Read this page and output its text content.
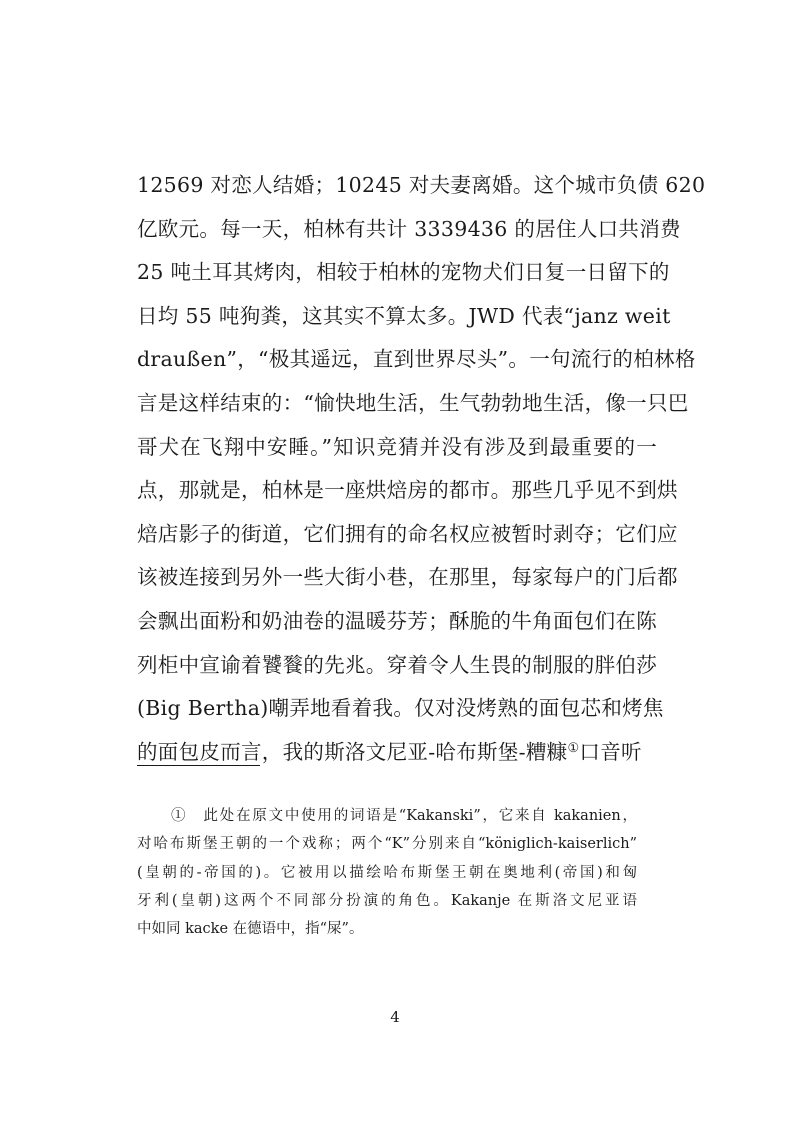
12569 对恋人结婚；10245 对夫妻离婚。这个城市负债 620
亿欧元。每一天，柏林有共计 3339436 的居住人口共消费
25 吨土耳其烤肉，相较于柏林的宠物犬们日复一日留下的
日均 55 吨狗粪，这其实不算太多。JWD 代表“janz weit
draußen”，“极其遥远，直到世界尽头”。一句流行的柏林格
言是这样结束的：“愉快地生活，生气勃勃地生活，像一只巴
哥犬在飞翔中安睡。”知识竞猜并没有涉及到最重要的一
点，那就是，柏林是一座烘焙房的都市。那些几乎见不到烘
焙店影子的街道，它们拥有的命名权应被暂时剥夺；它们应
该被连接到另外一些大街小巷，在那里，每家每户的门后都
会飘出面粉和奶油卷的温暖芬芳；酥脆的牛角面包们在陈
列柜中宣谕着饕餮的先兆。穿着令人生畏的制服的胖伯莎
(Big Bertha)嘲弄地看着我。仅对没烤熟的面包芯和烤焦
的面包皮而言，我的斯洛文尼亚-哈布斯堡-糟糠①口音听
①　此处在原文中使用的词语是“Kakanski”，它来自 kakanien，
对哈布斯堡王朝的一个戏称；两个“K”分别来自“königlich-kaiserlich”
(皇朝的-帝国的)。它被用以描绘哈布斯堡王朝在奥地利(帝国)和匈
牙利(皇朝)这两个不同部分扮演的角色。Kakanje 在斯洛文尼亚语
中如同 kacke 在德语中，指“屎”。
4
